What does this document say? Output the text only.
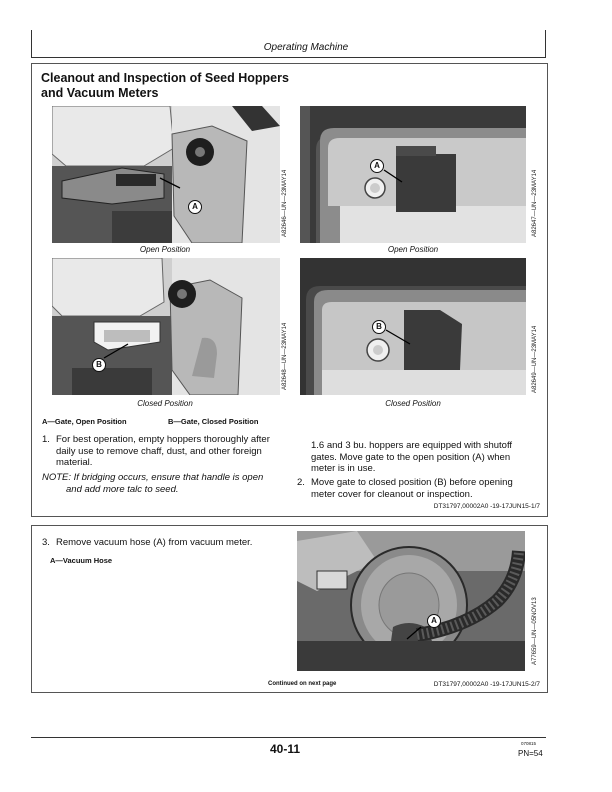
Operating Machine
Cleanout and Inspection of Seed Hoppers
and Vacuum Meters
A	A82646—UN—23MAY14
Open Position
A
A82647—UN—23MAY14
Open Position
B	A82648—UN—23MAY14
Closed Position
B	A82649—UN—23MAY14
Closed Position
A—Gate, Open Position	B—Gate, Closed Position
1. For best operation, empty hoppers thoroughly after daily use to remove chaff, dust, and other foreign material.
NOTE: If bridging occurs, ensure that handle is open and add more talc to seed.
1.6 and 3 bu. hoppers are equipped with shutoff gates. Move gate to the open position (A) when meter is in use.
2. Move gate to closed position (B) before opening meter cover for cleanout or inspection.
DT31797,00002A0 -19-17JUN15-1/7
3. Remove vacuum hose (A) from vacuum meter.
A—Vacuum Hose
A	A77659—UN—05NOV13
Continued on next page	DT31797,00002A0 -19-17JUN15-2/7
40-11	070815
PN=54
